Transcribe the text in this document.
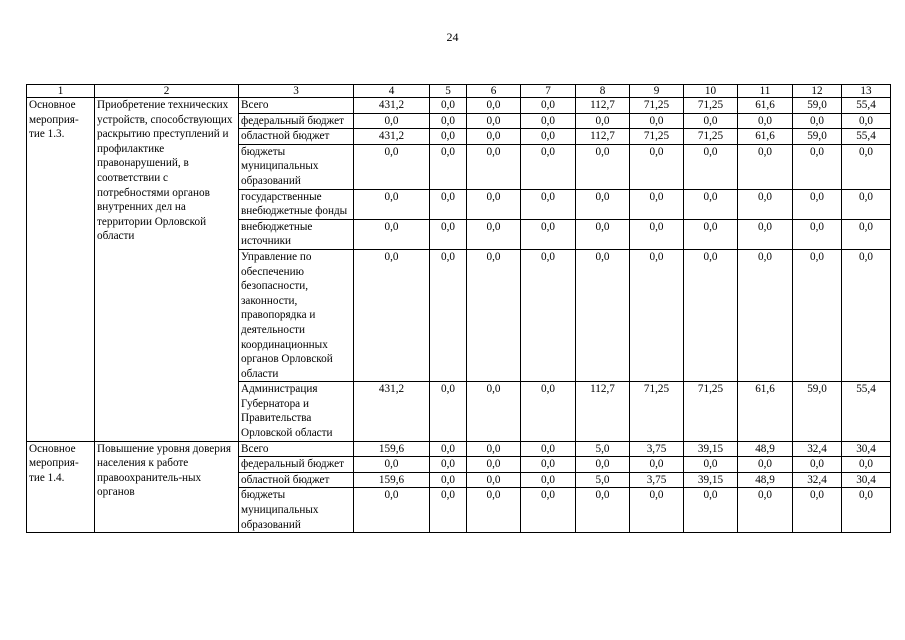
24
1	2	3	4	5	6	7	8	9	10	11	12	13
Основное мероприя-тие 1.3.	Приобретение технических устройств, способствующих раскрытию преступлений и профилактике правонарушений, в соответствии с потребностями органов внутренних дел на территории Орловской области	Всего	431,2	0,0	0,0	0,0	112,7	71,25	71,25	61,6	59,0	55,4
		федеральный бюджет	0,0	0,0	0,0	0,0	0,0	0,0	0,0	0,0	0,0	0,0
		областной бюджет	431,2	0,0	0,0	0,0	112,7	71,25	71,25	61,6	59,0	55,4
		бюджеты муниципальных образований	0,0	0,0	0,0	0,0	0,0	0,0	0,0	0,0	0,0	0,0
		государственные внебюджетные фонды	0,0	0,0	0,0	0,0	0,0	0,0	0,0	0,0	0,0	0,0
		внебюджетные источники	0,0	0,0	0,0	0,0	0,0	0,0	0,0	0,0	0,0	0,0
		Управление по обеспечению безопасности, законности, правопорядка и деятельности координационных органов Орловской области	0,0	0,0	0,0	0,0	0,0	0,0	0,0	0,0	0,0	0,0
		Администрация Губернатора и Правительства Орловской области	431,2	0,0	0,0	0,0	112,7	71,25	71,25	61,6	59,0	55,4
Основное мероприя-тие 1.4.	Повышение уровня доверия населения к работе правоохранитель-ных органов	Всего	159,6	0,0	0,0	0,0	5,0	3,75	39,15	48,9	32,4	30,4
		федеральный бюджет	0,0	0,0	0,0	0,0	0,0	0,0	0,0	0,0	0,0	0,0
		областной бюджет	159,6	0,0	0,0	0,0	5,0	3,75	39,15	48,9	32,4	30,4
		бюджеты муниципальных образований	0,0	0,0	0,0	0,0	0,0	0,0	0,0	0,0	0,0	0,0
